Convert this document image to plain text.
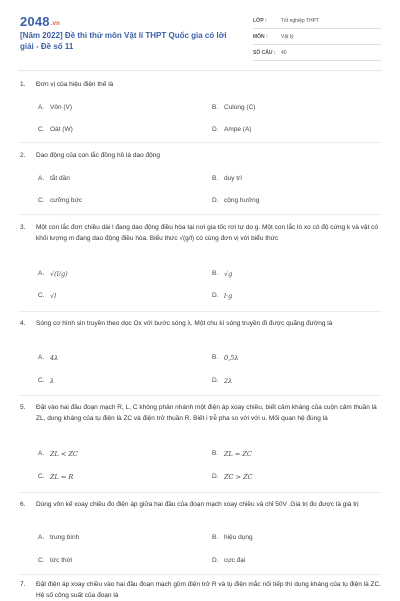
2048.vn
[Năm 2022] Đề thi thử môn Vật lí THPT Quốc gia có lời giải - Đề số 11
LỚP :	Tốt nghiệp THPT
MÔN :	Vật lý
SỐ CÂU :	40
1.	Đơn vị của hiệu điện thế là
A. Vôn (V)	B. Culong (C)
C. Oát (W)	D. Ampe (A)
2.	Dao động của con lắc đồng hồ là dao động
A. tắt dần	B. duy trì
C. cưỡng bức	D. cộng hưởng
3.	Một con lắc đơn chiều dài l đang dao động điều hòa tại nơi gia tốc rơi tự do g. Một con lắc lò xo có độ cứng k và vật có khối lượng m đang dao động điều hòa. Biểu thức √(g/l) có cùng đơn vị với biểu thức
A. √(l/g)	B. √g
C. √l	D. l·g
4.	Sóng cơ hình sin truyền theo dọc Ox với bước sóng λ. Một chu kì sóng truyền đi được quãng đường là
A. 4λ	B. 0,5λ
C. λ	D. 2λ
5.	Đặt vào hai đầu đoạn mạch R, L, C không phân nhánh một điện áp xoay chiều, biết cảm kháng của cuộn cảm thuần là ZL, dung kháng của tụ điện là ZC và điện trở thuần R. Biết i trễ pha so với với u. Mối quan hệ đúng là
A. ZL < ZC	B. ZL = ZC
C. ZL = R	D. ZC > ZC
6.	Dùng vôn kế xoay chiều đo điện áp giữa hai đầu của đoạn mạch xoay chiều và chỉ 50V .Giá trị đo được là giá trị
A. trung bình	B. hiệu dụng
C. tức thời	D. cực đại
7.	Đặt điện áp xoay chiều vào hai đầu đoạn mạch gồm điện trở R và tụ điện mắc nối tiếp thì dung kháng của tụ điện là ZC. Hệ số công suất của đoạn là
